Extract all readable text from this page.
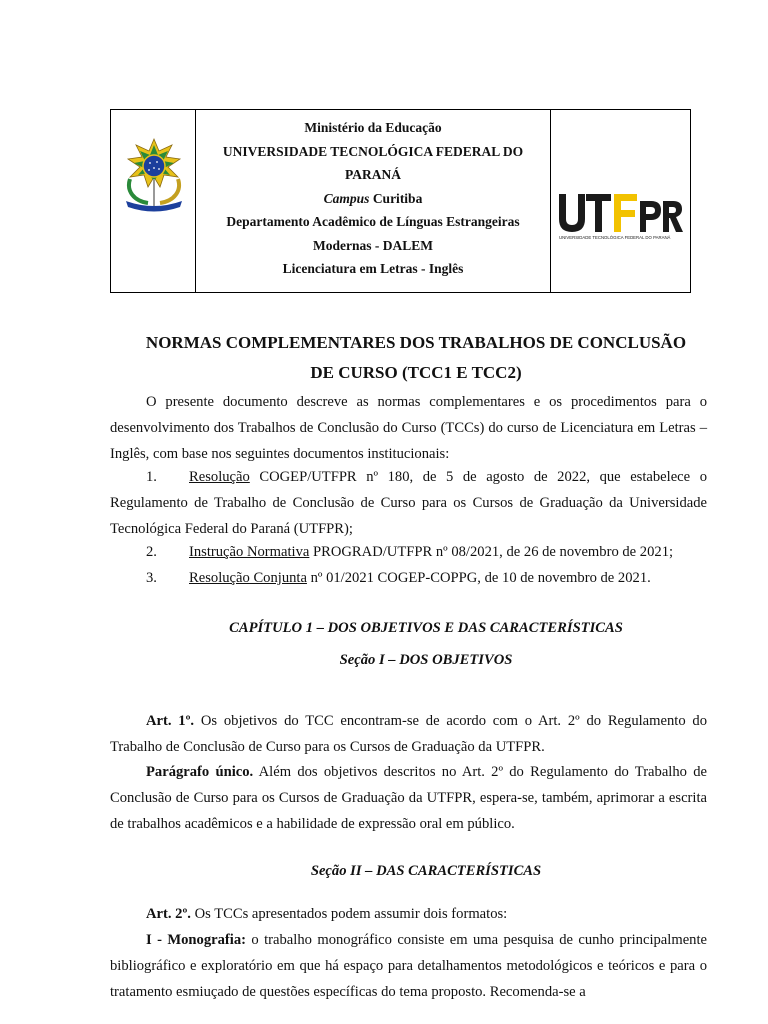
Ministério da Educação
UNIVERSIDADE TECNOLÓGICA FEDERAL DO
PARANÁ
Campus Curitiba
Departamento Acadêmico de Línguas Estrangeiras
Modernas - DALEM
Licenciatura em Letras - Inglês
UNIVERSIDADE TECNOLÓGICA FEDERAL DO PARANÁ
NORMAS COMPLEMENTARES DOS TRABALHOS DE CONCLUSÃO
DE CURSO (TCC1 E TCC2)
O presente documento descreve as normas complementares e os procedimentos para o desenvolvimento dos Trabalhos de Conclusão do Curso (TCCs) do curso de Licenciatura em Letras – Inglês, com base nos seguintes documentos institucionais:
1. Resolução COGEP/UTFPR nº 180, de 5 de agosto de 2022, que estabelece o Regulamento de Trabalho de Conclusão de Curso para os Cursos de Graduação da Universidade Tecnológica Federal do Paraná (UTFPR);
2. Instrução Normativa PROGRAD/UTFPR nº 08/2021, de 26 de novembro de 2021;
3. Resolução Conjunta nº 01/2021 COGEP-COPPG, de 10 de novembro de 2021.
CAPÍTULO 1 – DOS OBJETIVOS E DAS CARACTERÍSTICAS
Seção I – DOS OBJETIVOS
Art. 1º. Os objetivos do TCC encontram-se de acordo com o Art. 2º do Regulamento do Trabalho de Conclusão de Curso para os Cursos de Graduação da UTFPR.
Parágrafo único. Além dos objetivos descritos no Art. 2º do Regulamento do Trabalho de Conclusão de Curso para os Cursos de Graduação da UTFPR, espera-se, também, aprimorar a escrita de trabalhos acadêmicos e a habilidade de expressão oral em público.
Seção II – DAS CARACTERÍSTICAS
Art. 2º. Os TCCs apresentados podem assumir dois formatos:
I - Monografia: o trabalho monográfico consiste em uma pesquisa de cunho principalmente bibliográfico e exploratório em que há espaço para detalhamentos metodológicos e teóricos e para o tratamento esmiuçado de questões específicas do tema proposto. Recomenda-se a
